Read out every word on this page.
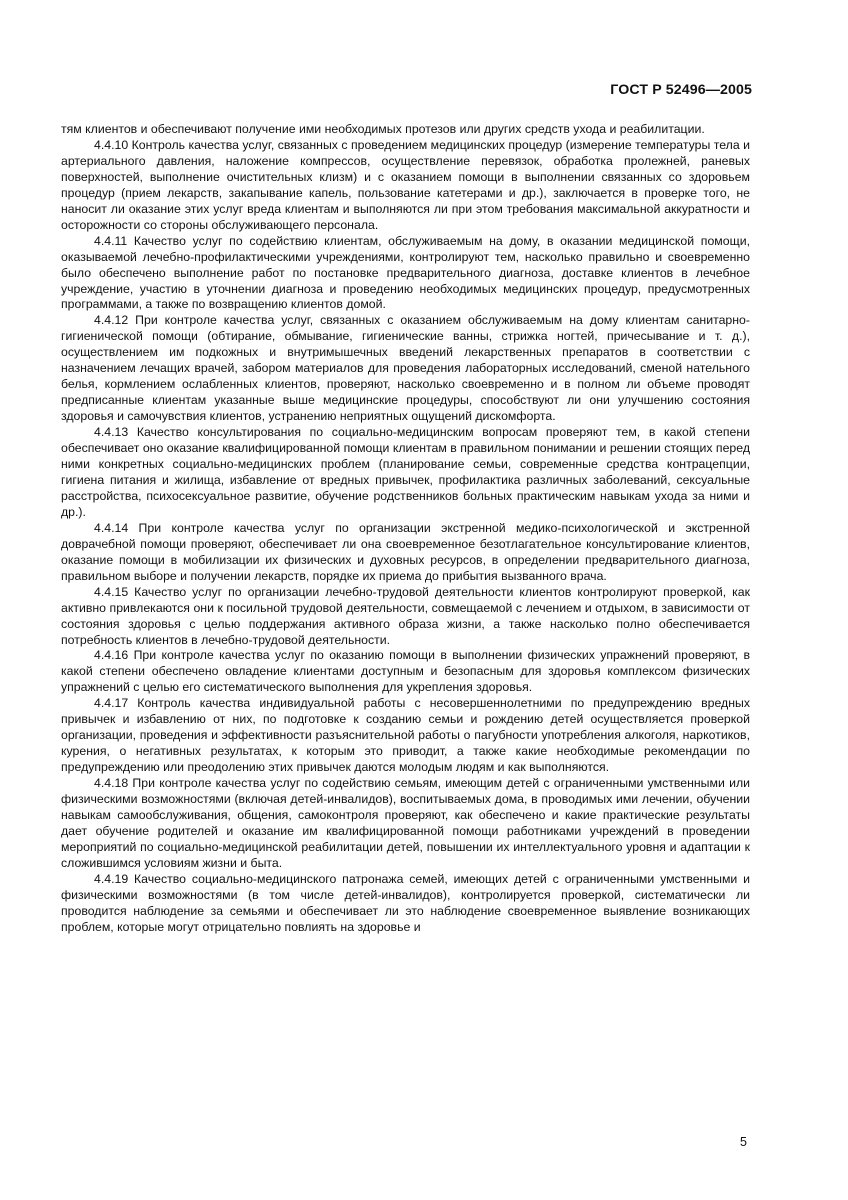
ГОСТ Р 52496—2005

тям клиентов и обеспечивают получение ими необходимых протезов или других средств ухода и реабилитации.

4.4.10 Контроль качества услуг, связанных с проведением медицинских процедур (измерение температуры тела и артериального давления, наложение компрессов, осуществление перевязок, обработка пролежней, раневых поверхностей, выполнение очистительных клизм) и с оказанием помощи в выполнении связанных со здоровьем процедур (прием лекарств, закапывание капель, пользование катетерами и др.), заключается в проверке того, не наносит ли оказание этих услуг вреда клиентам и выполняются ли при этом требования максимальной аккуратности и осторожности со стороны обслуживающего персонала.

4.4.11 Качество услуг по содействию клиентам, обслуживаемым на дому, в оказании медицинской помощи, оказываемой лечебно-профилактическими учреждениями, контролируют тем, насколько правильно и своевременно было обеспечено выполнение работ по постановке предварительного диагноза, доставке клиентов в лечебное учреждение, участию в уточнении диагноза и проведению необходимых медицинских процедур, предусмотренных программами, а также по возвращению клиентов домой.

4.4.12 При контроле качества услуг, связанных с оказанием обслуживаемым на дому клиентам санитарно-гигиенической помощи (обтирание, обмывание, гигиенические ванны, стрижка ногтей, причесывание и т. д.), осуществлением им подкожных и внутримышечных введений лекарственных препаратов в соответствии с назначением лечащих врачей, забором материалов для проведения лабораторных исследований, сменой нательного белья, кормлением ослабленных клиентов, проверяют, насколько своевременно и в полном ли объеме проводят предписанные клиентам указанные выше медицинские процедуры, способствуют ли они улучшению состояния здоровья и самочувствия клиентов, устранению неприятных ощущений дискомфорта.

4.4.13 Качество консультирования по социально-медицинским вопросам проверяют тем, в какой степени обеспечивает оно оказание квалифицированной помощи клиентам в правильном понимании и решении стоящих перед ними конкретных социально-медицинских проблем (планирование семьи, современные средства контрацепции, гигиена питания и жилища, избавление от вредных привычек, профилактика различных заболеваний, сексуальные расстройства, психосексуальное развитие, обучение родственников больных практическим навыкам ухода за ними и др.).

4.4.14 При контроле качества услуг по организации экстренной медико-психологической и экстренной доврачебной помощи проверяют, обеспечивает ли она своевременное безотлагательное консультирование клиентов, оказание помощи в мобилизации их физических и духовных ресурсов, в определении предварительного диагноза, правильном выборе и получении лекарств, порядке их приема до прибытия вызванного врача.

4.4.15 Качество услуг по организации лечебно-трудовой деятельности клиентов контролируют проверкой, как активно привлекаются они к посильной трудовой деятельности, совмещаемой с лечением и отдыхом, в зависимости от состояния здоровья с целью поддержания активного образа жизни, а также насколько полно обеспечивается потребность клиентов в лечебно-трудовой деятельности.

4.4.16 При контроле качества услуг по оказанию помощи в выполнении физических упражнений проверяют, в какой степени обеспечено овладение клиентами доступным и безопасным для здоровья комплексом физических упражнений с целью его систематического выполнения для укрепления здоровья.

4.4.17 Контроль качества индивидуальной работы с несовершеннолетними по предупреждению вредных привычек и избавлению от них, по подготовке к созданию семьи и рождению детей осуществляется проверкой организации, проведения и эффективности разъяснительной работы о пагубности употребления алкоголя, наркотиков, курения, о негативных результатах, к которым это приводит, а также какие необходимые рекомендации по предупреждению или преодолению этих привычек даются молодым людям и как выполняются.

4.4.18 При контроле качества услуг по содействию семьям, имеющим детей с ограниченными умственными или физическими возможностями (включая детей-инвалидов), воспитываемых дома, в проводимых ими лечении, обучении навыкам самообслуживания, общения, самоконтроля проверяют, как обеспечено и какие практические результаты дает обучение родителей и оказание им квалифицированной помощи работниками учреждений в проведении мероприятий по социально-медицинской реабилитации детей, повышении их интеллектуального уровня и адаптации к сложившимся условиям жизни и быта.

4.4.19 Качество социально-медицинского патронажа семей, имеющих детей с ограниченными умственными и физическими возможностями (в том числе детей-инвалидов), контролируется проверкой, систематически ли проводится наблюдение за семьями и обеспечивает ли это наблюдение своевременное выявление возникающих проблем, которые могут отрицательно повлиять на здоровье и

5
